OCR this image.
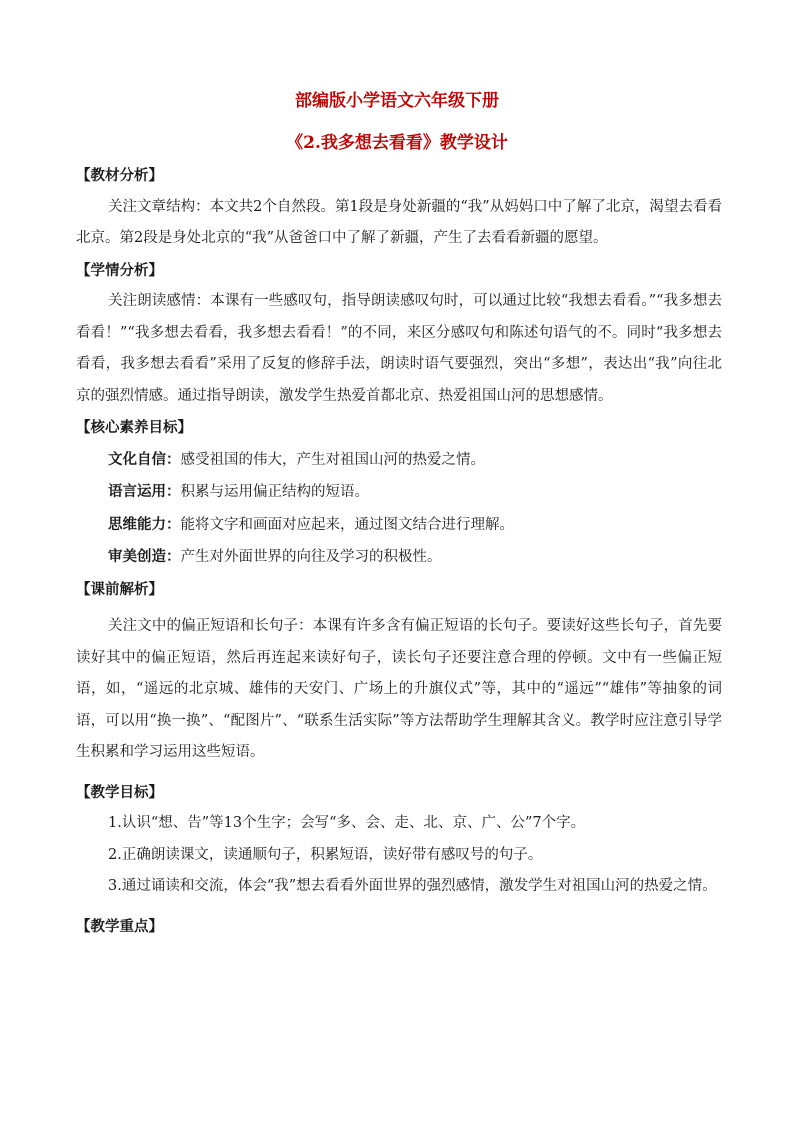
部编版小学语文六年级下册
《2.我多想去看看》教学设计

【教材分析】

关注文章结构：本文共2个自然段。第1段是身处新疆的“我”从妈妈口中了解了北京，渴望去看看北京。第2段是身处北京的“我”从爸爸口中了解了新疆，产生了去看看新疆的愿望。

【学情分析】

关注朗读感情：本课有一些感叹句，指导朗读感叹句时，可以通过比较“我想去看看。”“我多想去看看！”“我多想去看看，我多想去看看！”的不同，来区分感叹句和陈述句语气的不。同时“我多想去看看，我多想去看看”采用了反复的修辞手法，朗读时语气要强烈，突出“多想”，表达出“我”向往北京的强烈情感。通过指导朗读，激发学生热爱首都北京、热爱祖国山河的思想感情。

【核心素养目标】

文化自信：感受祖国的伟大，产生对祖国山河的热爱之情。

语言运用：积累与运用偏正结构的短语。

思维能力：能将文字和画面对应起来，通过图文结合进行理解。

审美创造：产生对外面世界的向往及学习的积极性。

【课前解析】

关注文中的偏正短语和长句子：本课有许多含有偏正短语的长句子。要读好这些长句子，首先要读好其中的偏正短语，然后再连起来读好句子，读长句子还要注意合理的停顿。文中有一些偏正短语，如，“遥远的北京城、雄伟的天安门、广场上的升旗仪式”等，其中的“遥远”“雄伟”等抽象的词语，可以用“换一换”、“配图片”、“联系生活实际”等方法帮助学生理解其含义。教学时应注意引导学生积累和学习运用这些短语。

【教学目标】

1.认识“想、告”等13个生字；会写“多、会、走、北、京、广、公”7个字。

2.正确朗读课文，读通顺句子，积累短语，读好带有感叹号的句子。

3.通过诵读和交流，体会“我”想去看看外面世界的强烈感情，激发学生对祖国山河的热爱之情。

【教学重点】
